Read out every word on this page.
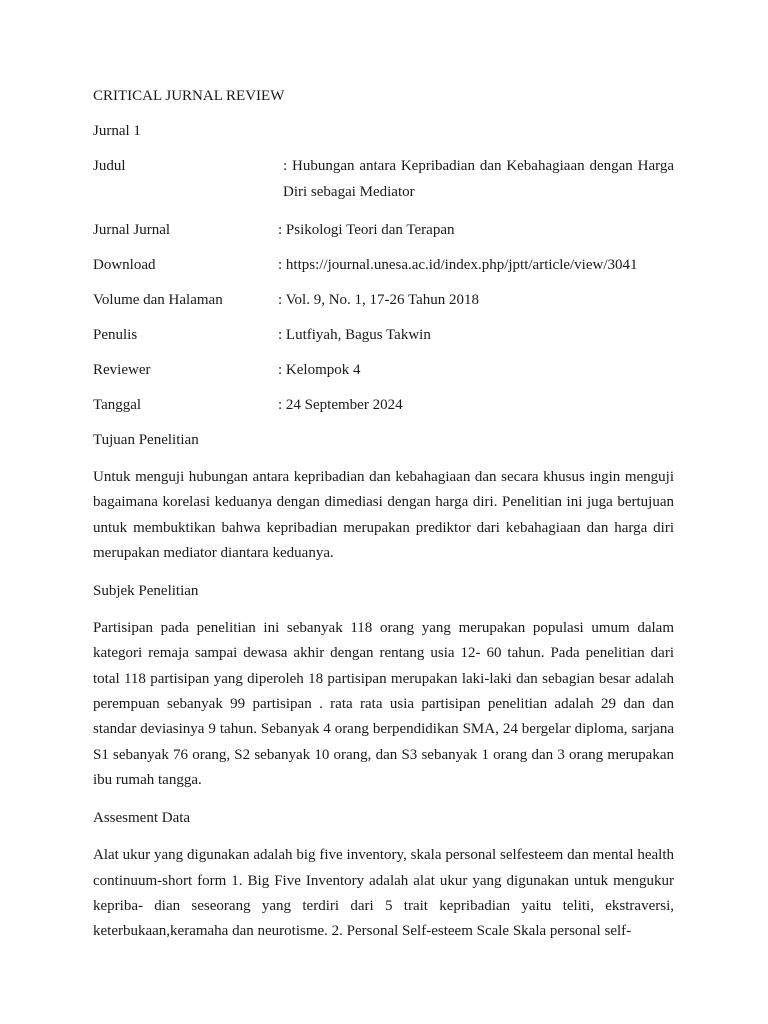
CRITICAL JURNAL REVIEW
Jurnal 1
Judul	: Hubungan antara Kepribadian dan Kebahagiaan dengan Harga Diri sebagai Mediator
Jurnal Jurnal	: Psikologi Teori dan Terapan
Download	: https://journal.unesa.ac.id/index.php/jptt/article/view/3041
Volume dan Halaman	: Vol. 9, No. 1, 17-26 Tahun 2018
Penulis	: Lutfiyah, Bagus Takwin
Reviewer	: Kelompok 4
Tanggal	: 24 September 2024
Tujuan Penelitian

Untuk menguji hubungan antara kepribadian dan kebahagiaan dan secara khusus ingin menguji bagaimana korelasi keduanya dengan dimediasi dengan harga diri. Penelitian ini juga bertujuan untuk membuktikan bahwa kepribadian merupakan prediktor dari kebahagiaan dan harga diri merupakan mediator diantara keduanya.

Subjek Penelitian

Partisipan pada penelitian ini sebanyak 118 orang yang merupakan populasi umum dalam kategori remaja sampai dewasa akhir dengan rentang usia 12- 60 tahun. Pada penelitian dari total 118 partisipan yang diperoleh 18 partisipan merupakan laki-laki dan sebagian besar adalah perempuan sebanyak 99 partisipan . rata rata usia partisipan penelitian adalah 29 dan dan standar deviasinya 9 tahun. Sebanyak 4 orang berpendidikan SMA, 24 bergelar diploma, sarjana S1 sebanyak 76 orang, S2 sebanyak 10 orang, dan S3 sebanyak 1 orang dan 3 orang merupakan ibu rumah tangga.

Assesment Data

Alat ukur yang digunakan adalah big five inventory, skala personal selfesteem dan mental health continuum-short form 1. Big Five Inventory adalah alat ukur yang digunakan untuk mengukur kepriba- dian seseorang yang terdiri dari 5 trait kepribadian yaitu teliti, ekstraversi, keterbukaan,keramaha dan neurotisme. 2. Personal Self-esteem Scale Skala personal self-
